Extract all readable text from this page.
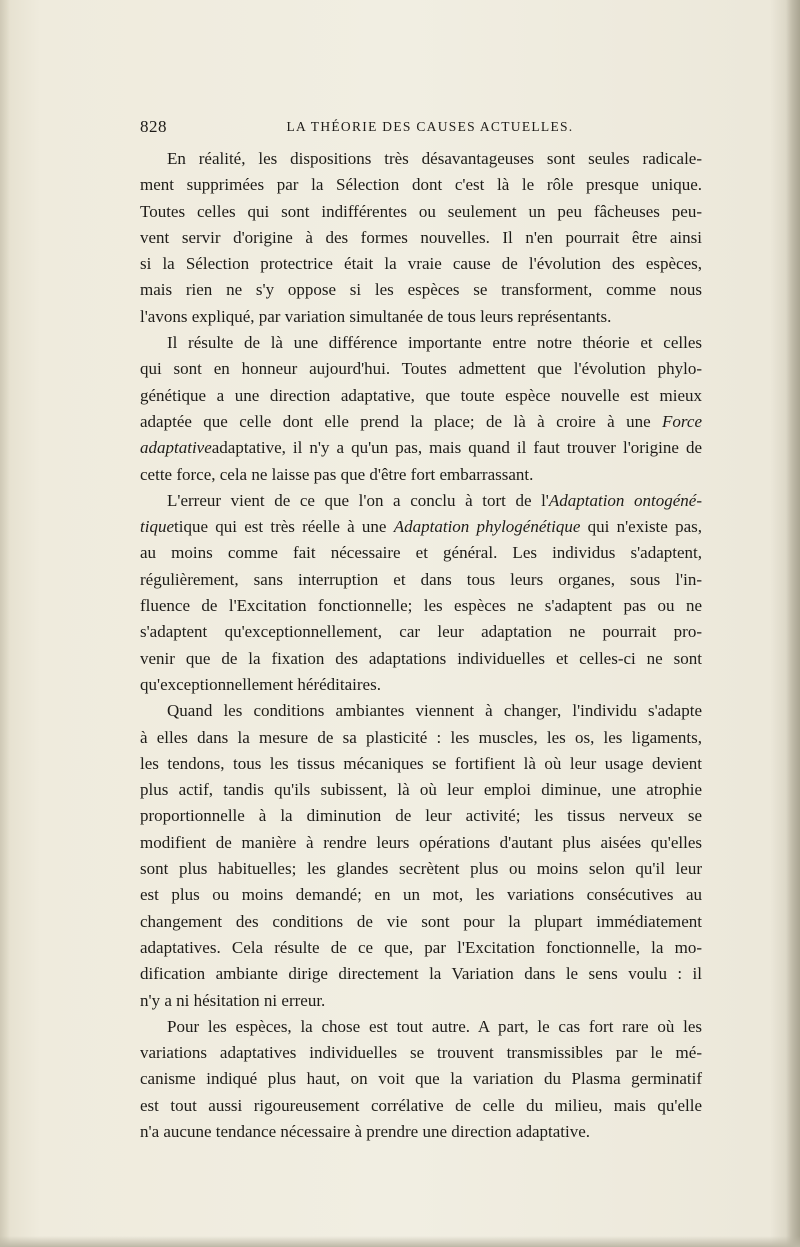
828	LA THÉORIE DES CAUSES ACTUELLES.
En réalité, les dispositions très désavantageuses sont seules radicale-
ment supprimées par la Sélection dont c'est là le rôle presque unique.
Toutes celles qui sont indifférentes ou seulement un peu fâcheuses peu-
vent servir d'origine à des formes nouvelles. Il n'en pourrait être ainsi
si la Sélection protectrice était la vraie cause de l'évolution des espèces,
mais rien ne s'y oppose si les espèces se transforment, comme nous
l'avons expliqué, par variation simultanée de tous leurs représentants.
Il résulte de là une différence importante entre notre théorie et celles
qui sont en honneur aujourd'hui. Toutes admettent que l'évolution phylo-
génétique a une direction adaptative, que toute espèce nouvelle est mieux
adaptée que celle dont elle prend la place; de là à croire à une Force
adaptativeadaptative, il n'y a qu'un pas, mais quand il faut trouver l'origine de
cette force, cela ne laisse pas que d'être fort embarrassant.
L'erreur vient de ce que l'on a conclu à tort de l'Adaptation ontogéné-
tiquetique qui est très réelle à une Adaptation phylogénétique qui n'existe pas,
au moins comme fait nécessaire et général. Les individus s'adaptent,
régulièrement, sans interruption et dans tous leurs organes, sous l'in-
fluence de l'Excitation fonctionnelle; les espèces ne s'adaptent pas ou ne
s'adaptent qu'exceptionnellement, car leur adaptation ne pourrait pro-
venir que de la fixation des adaptations individuelles et celles-ci ne sont
qu'exceptionnellement héréditaires.
Quand les conditions ambiantes viennent à changer, l'individu s'adapte
à elles dans la mesure de sa plasticité : les muscles, les os, les ligaments,
les tendons, tous les tissus mécaniques se fortifient là où leur usage devient
plus actif, tandis qu'ils subissent, là où leur emploi diminue, une atrophie
proportionnelle à la diminution de leur activité; les tissus nerveux se
modifient de manière à rendre leurs opérations d'autant plus aisées qu'elles
sont plus habituelles; les glandes secrètent plus ou moins selon qu'il leur
est plus ou moins demandé; en un mot, les variations consécutives au
changement des conditions de vie sont pour la plupart immédiatement
adaptatives. Cela résulte de ce que, par l'Excitation fonctionnelle, la mo-
dification ambiante dirige directement la Variation dans le sens voulu : il
n'y a ni hésitation ni erreur.
Pour les espèces, la chose est tout autre. A part, le cas fort rare où les
variations adaptatives individuelles se trouvent transmissibles par le mé-
canisme indiqué plus haut, on voit que la variation du Plasma germinatif
est tout aussi rigoureusement corrélative de celle du milieu, mais qu'elle
n'a aucune tendance nécessaire à prendre une direction adaptative.
